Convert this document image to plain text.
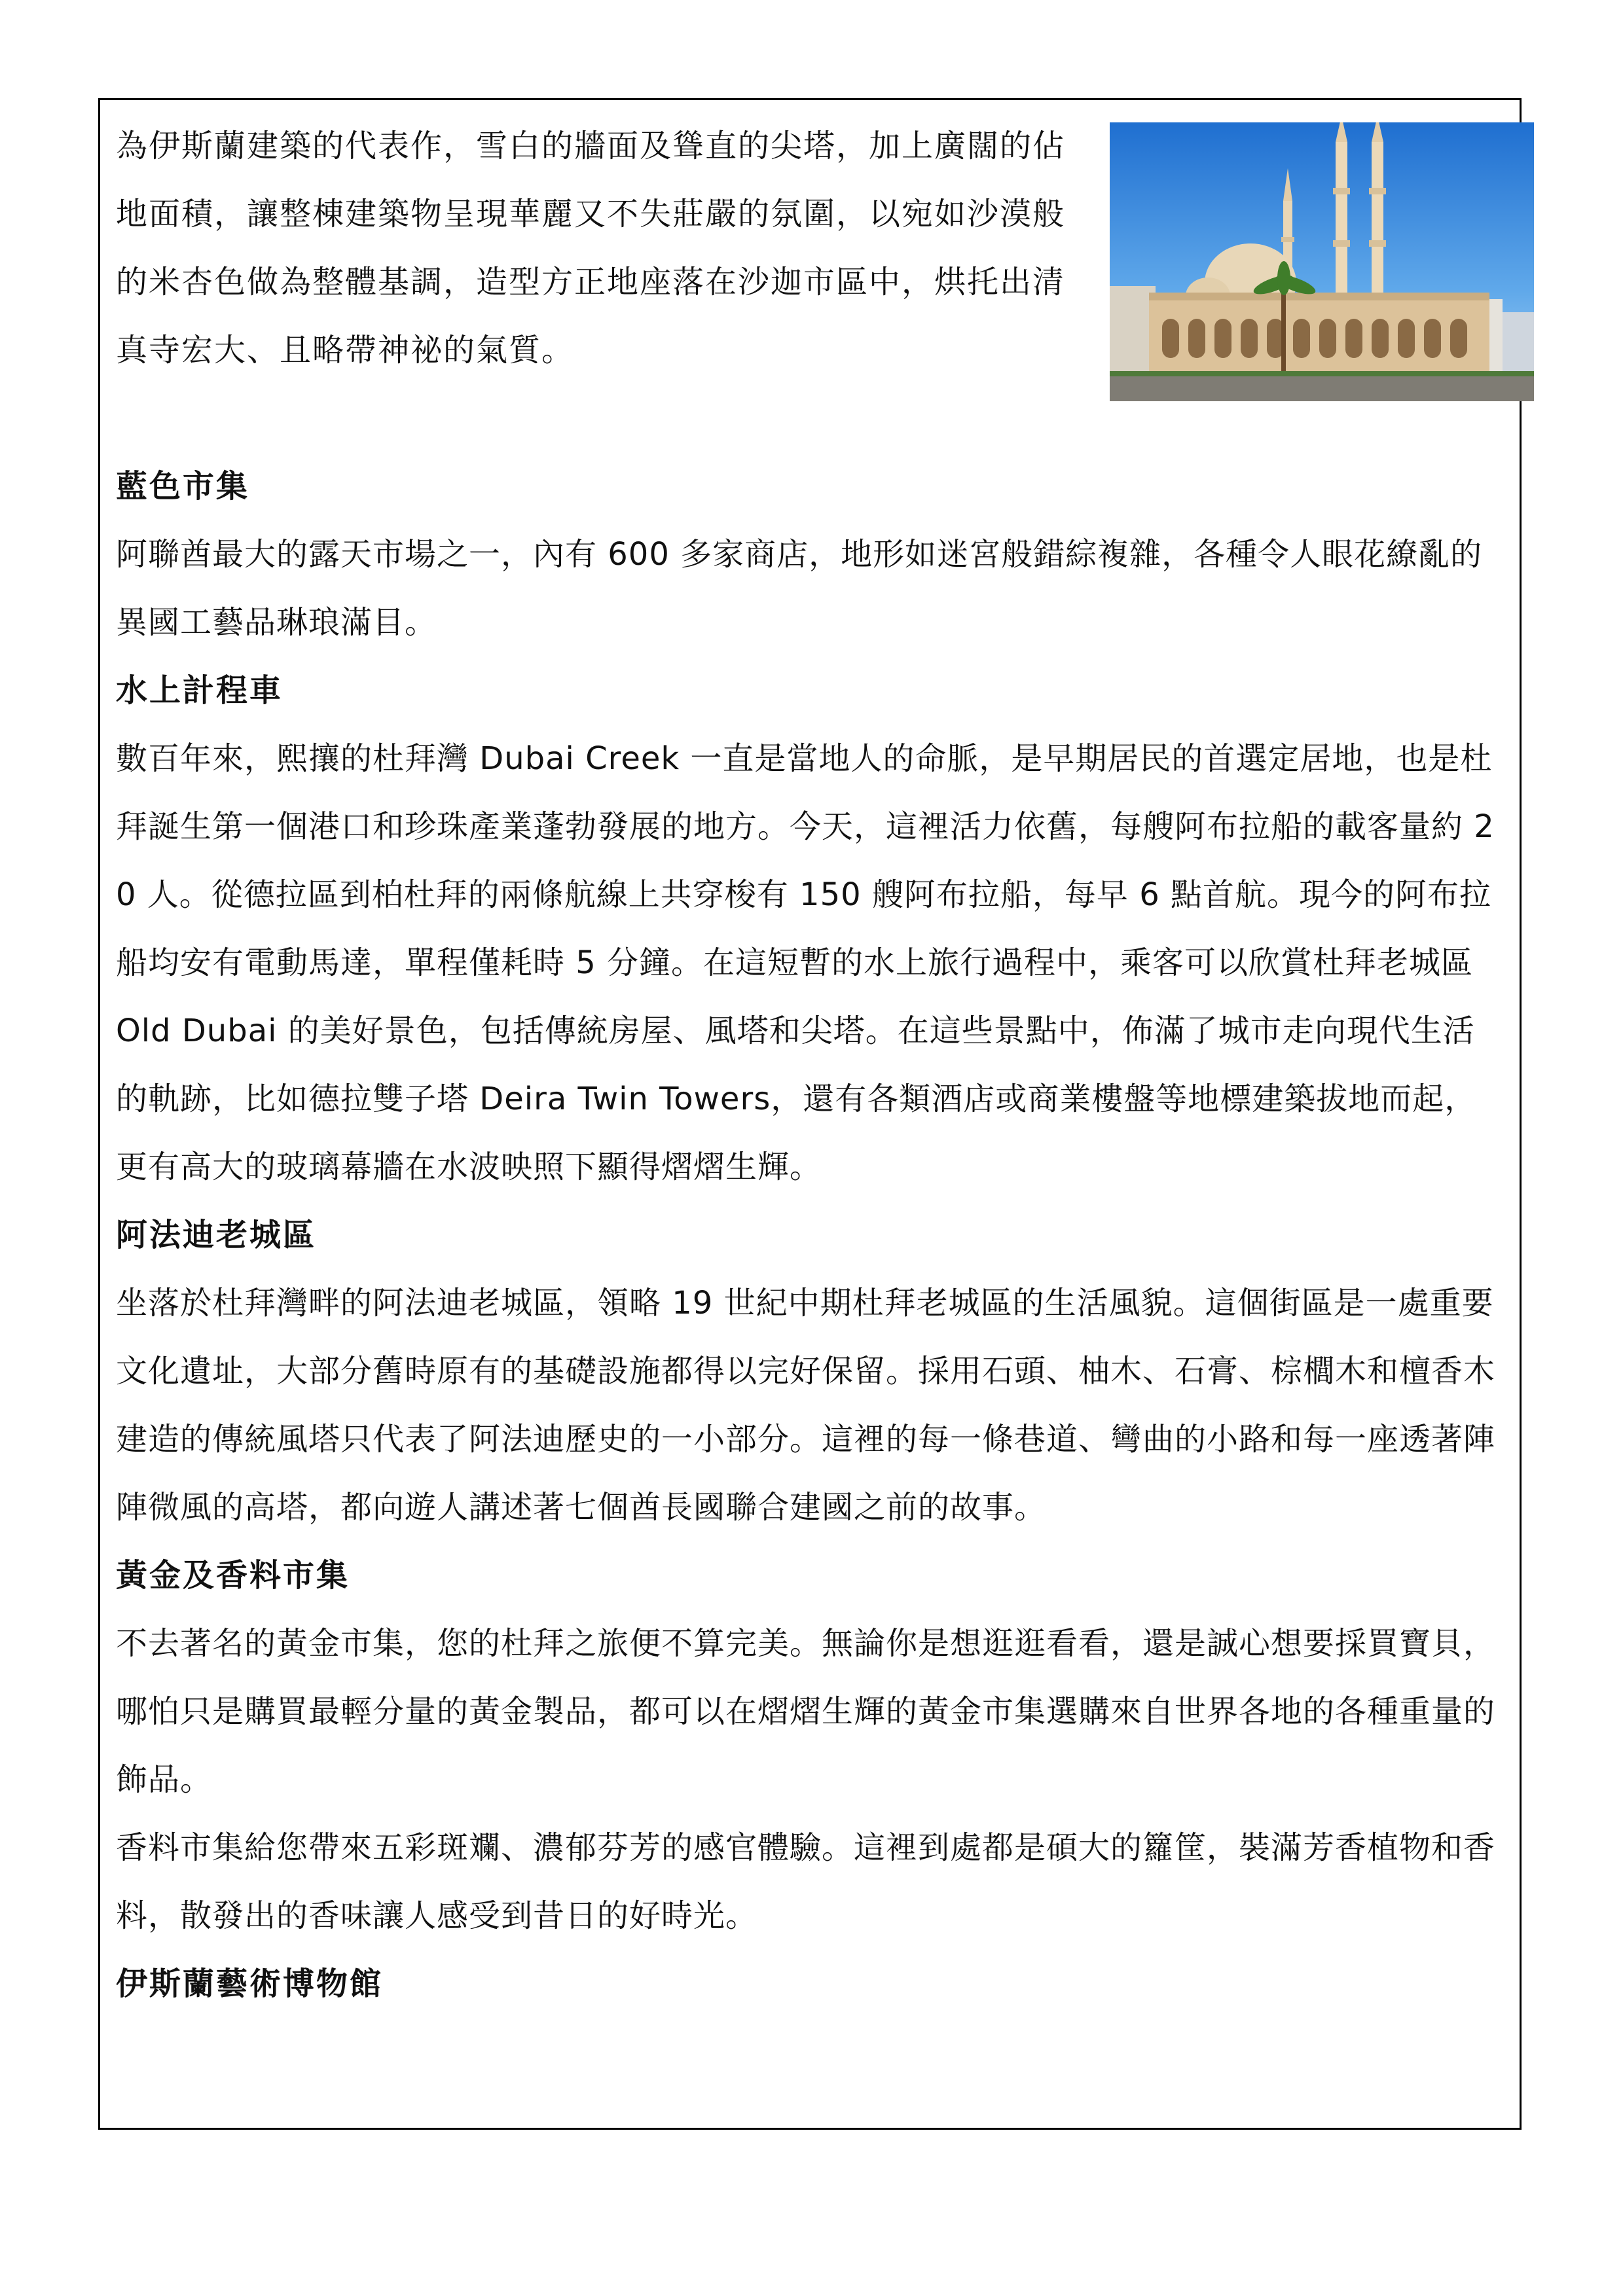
為伊斯蘭建築的代表作，雪白的牆面及聳直的尖塔，加上廣闊的佔地面積，讓整棟建築物呈現華麗又不失莊嚴的氛圍，以宛如沙漠般的米杏色做為整體基調，造型方正地座落在沙迦市區中，烘托出清真寺宏大、且略帶神祕的氣質。
藍色市集

阿聯酋最大的露天市場之一，內有 600 多家商店，地形如迷宮般錯綜複雜，各種令人眼花繚亂的異國工藝品琳琅滿目。

水上計程車

數百年來，熙攘的杜拜灣 Dubai Creek 一直是當地人的命脈，是早期居民的首選定居地，也是杜拜誕生第一個港口和珍珠產業蓬勃發展的地方。今天，這裡活力依舊，每艘阿布拉船的載客量約 20 人。從德拉區到柏杜拜的兩條航線上共穿梭有 150 艘阿布拉船，每早 6 點首航。現今的阿布拉船均安有電動馬達，單程僅耗時 5 分鐘。在這短暫的水上旅行過程中，乘客可以欣賞杜拜老城區 Old Dubai 的美好景色，包括傳統房屋、風塔和尖塔。在這些景點中，佈滿了城市走向現代生活的軌跡，比如德拉雙子塔 Deira Twin Towers，還有各類酒店或商業樓盤等地標建築拔地而起，更有高大的玻璃幕牆在水波映照下顯得熠熠生輝。

阿法迪老城區

坐落於杜拜灣畔的阿法迪老城區，領略 19 世紀中期杜拜老城區的生活風貌。這個街區是一處重要文化遺址，大部分舊時原有的基礎設施都得以完好保留。採用石頭、柚木、石膏、棕櫚木和檀香木建造的傳統風塔只代表了阿法迪歷史的一小部分。這裡的每一條巷道、彎曲的小路和每一座透著陣陣微風的高塔，都向遊人講述著七個酋長國聯合建國之前的故事。

黃金及香料市集

不去著名的黃金市集，您的杜拜之旅便不算完美。無論你是想逛逛看看，還是誠心想要採買寶貝，哪怕只是購買最輕分量的黃金製品，都可以在熠熠生輝的黃金市集選購來自世界各地的各種重量的飾品。

香料市集給您帶來五彩斑斕、濃郁芬芳的感官體驗。這裡到處都是碩大的籮筐，裝滿芳香植物和香料，散發出的香味讓人感受到昔日的好時光。

伊斯蘭藝術博物館
